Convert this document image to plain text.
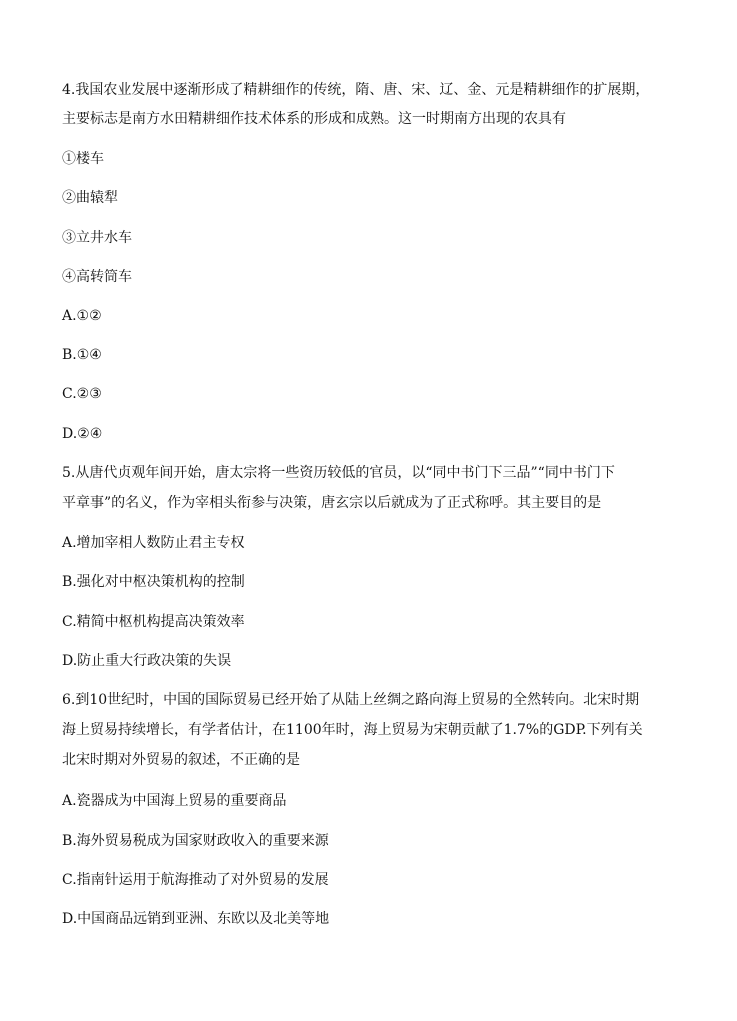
4.我国农业发展中逐渐形成了精耕细作的传统，隋、唐、宋、辽、金、元是精耕细作的扩展期，
主要标志是南方水田精耕细作技术体系的形成和成熟。这一时期南方出现的农具有
①楼车
②曲辕犁
③立井水车
④高转筒车
A.①②
B.①④
C.②③
D.②④
5.从唐代贞观年间开始，唐太宗将一些资历较低的官员，以“同中书门下三品”“同中书门下
平章事”的名义，作为宰相头衔参与决策，唐玄宗以后就成为了正式称呼。其主要目的是
A.增加宰相人数防止君主专权
B.强化对中枢决策机构的控制
C.精简中枢机构提高决策效率
D.防止重大行政决策的失误
6.到10世纪时，中国的国际贸易已经开始了从陆上丝绸之路向海上贸易的全然转向。北宋时期
海上贸易持续增长，有学者估计，在1100年时，海上贸易为宋朝贡献了1.7%的GDP.下列有关
北宋时期对外贸易的叙述，不正确的是
A.瓷器成为中国海上贸易的重要商品
B.海外贸易税成为国家财政收入的重要来源
C.指南针运用于航海推动了对外贸易的发展
D.中国商品远销到亚洲、东欧以及北美等地
